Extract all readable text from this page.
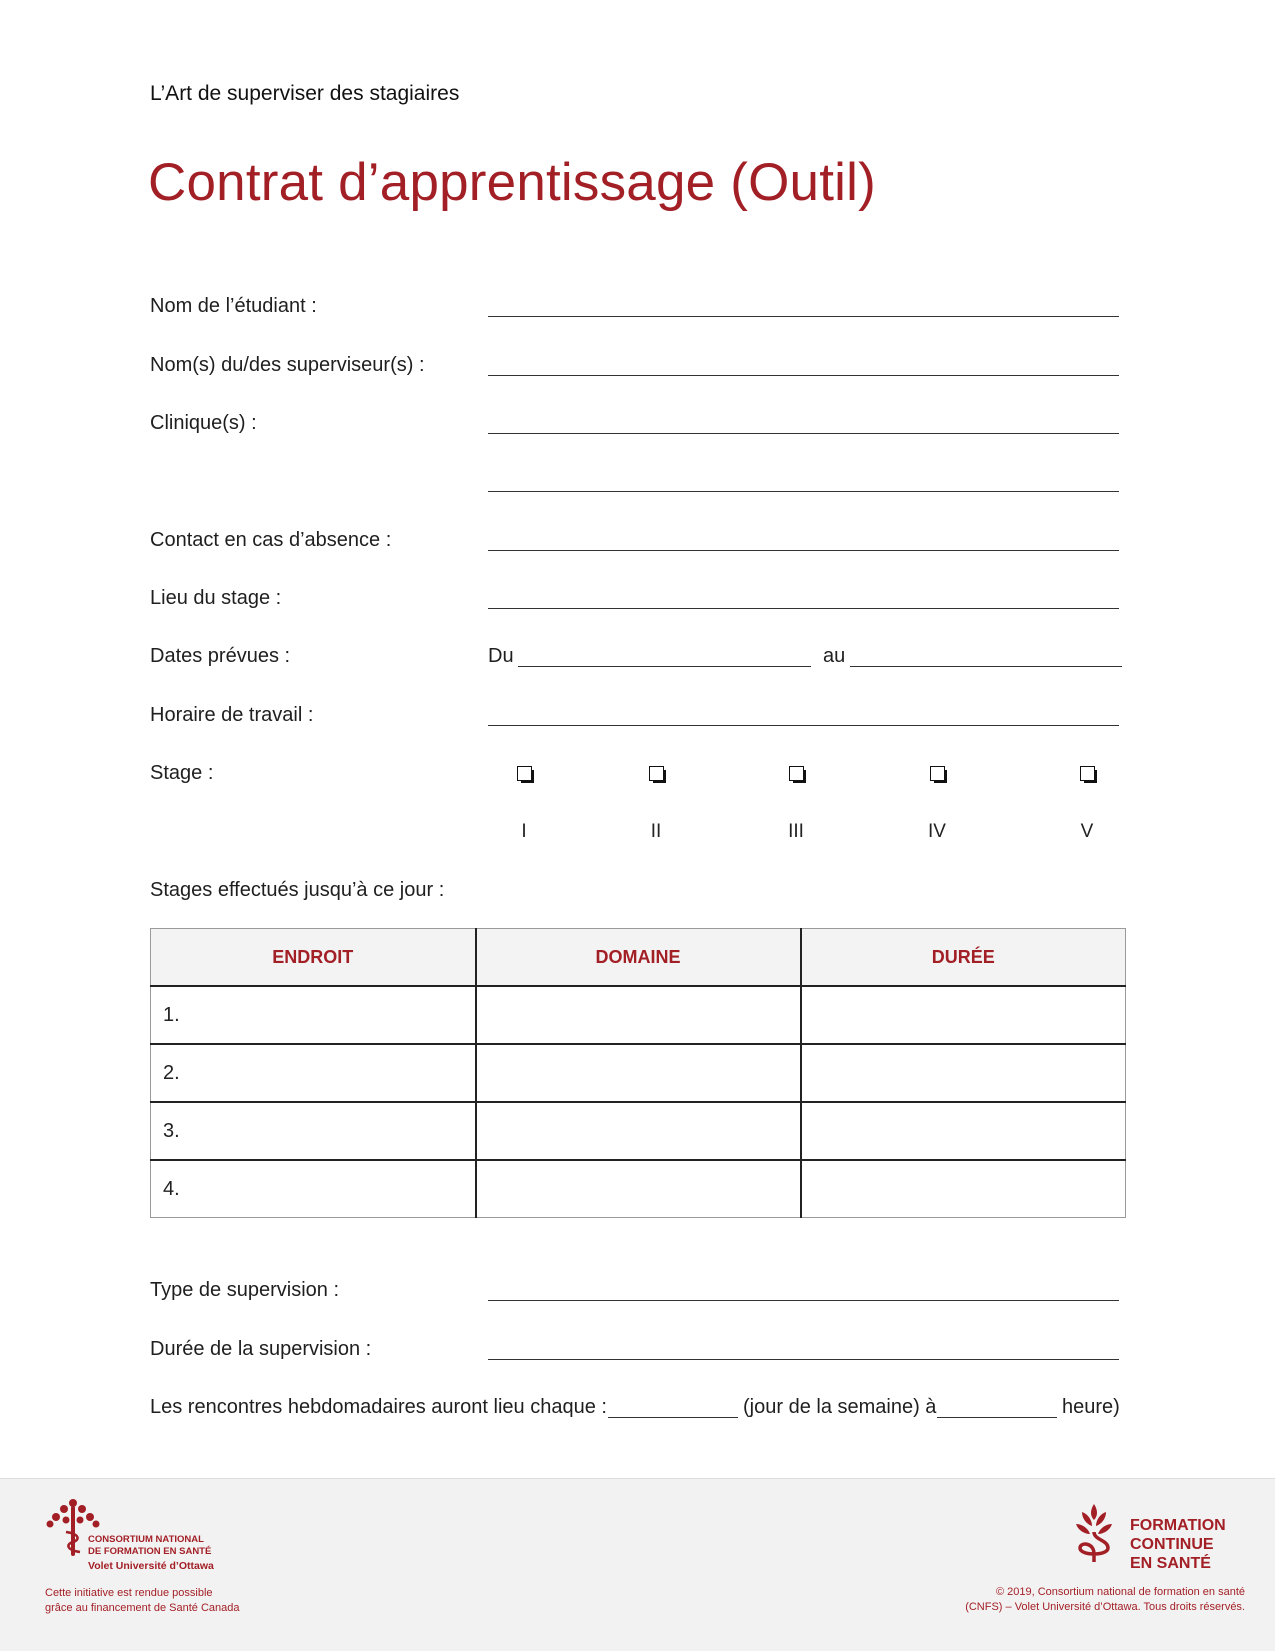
L’Art de superviser des stagiaires
Contrat d’apprentissage (Outil)
Nom de l’étudiant :
Nom(s) du/des superviseur(s) :
Clinique(s) :
Contact en cas d’absence :
Lieu du stage :
Dates prévues :	Du	au
Horaire de travail :
Stage :
I	II	III	IV	V
Stages effectués jusqu’à ce jour :
ENDROIT	DOMAINE	DURÉE
1.		
2.		
3.		
4.		
Type de supervision :
Durée de la supervision :
Les rencontres hebdomadaires auront lieu chaque :	(jour de la semaine) à	heure)
CONSORTIUM NATIONAL
DE FORMATION EN SANTÉ
Volet Université d’Ottawa
Cette initiative est rendue possible
grâce au financement de Santé Canada
FORMATION
CONTINUE
EN SANTÉ
© 2019, Consortium national de formation en santé
(CNFS) – Volet Université d’Ottawa. Tous droits réservés.
